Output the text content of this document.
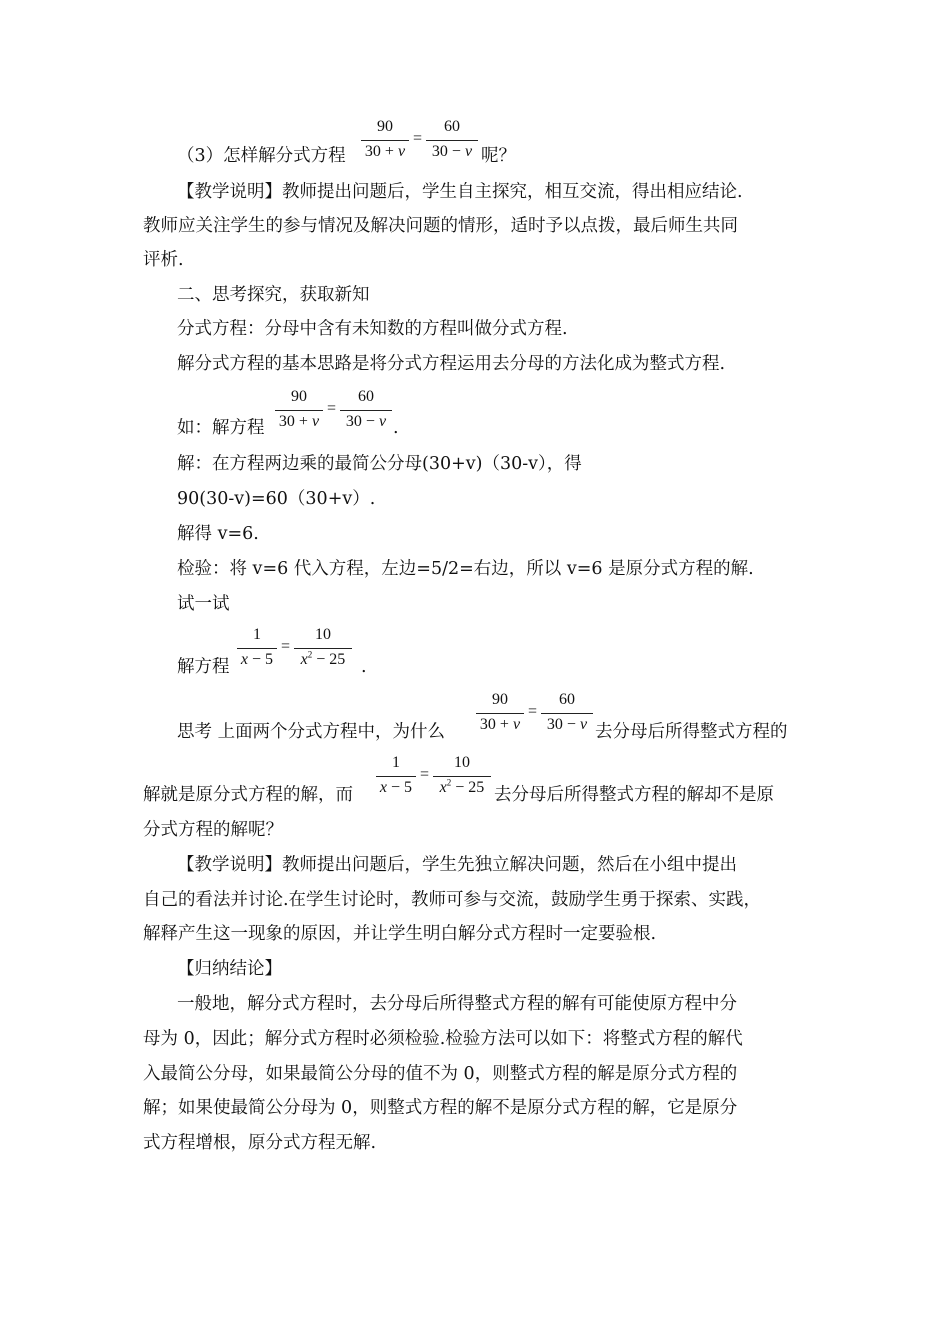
（3）怎样解分式方程
90
30 + v
=
60
30 − v 呢？
【教学说明】教师提出问题后，学生自主探究，相互交流，得出相应结论.
教师应关注学生的参与情况及解决问题的情形，适时予以点拨，最后师生共同
评析.
二、思考探究，获取新知
分式方程：分母中含有未知数的方程叫做分式方程.
解分式方程的基本思路是将分式方程运用去分母的方法化成为整式方程.
如：解方程
90
30 + v
=
60
30 − v .
解：在方程两边乘的最简公分母(30+v)（30-v），得
90(30-v)=60（30+v）.
解得 v=6.
检验：将 v=6 代入方程，左边=5/2=右边，所以 v=6 是原分式方程的解.
试一试
解方程
1
x − 5
=
10
$x^2 - 25$ .
思考 上面两个分式方程中，为什么
90
30 + v
=
60
30 − v 去分母后所得整式方程的
解就是原分式方程的解，而
1
x − 5
=
10
$x^2 - 25$ 去分母后所得整式方程的解却不是原
分式方程的解呢？
【教学说明】教师提出问题后，学生先独立解决问题，然后在小组中提出
自己的看法并讨论.在学生讨论时，教师可参与交流，鼓励学生勇于探索、实践，
解释产生这一现象的原因，并让学生明白解分式方程时一定要验根.
【归纳结论】
一般地，解分式方程时，去分母后所得整式方程的解有可能使原方程中分
母为 0，因此；解分式方程时必须检验.检验方法可以如下：将整式方程的解代
入最简公分母，如果最简公分母的值不为 0，则整式方程的解是原分式方程的
解；如果使最简公分母为 0，则整式方程的解不是原分式方程的解，它是原分
式方程增根，原分式方程无解.
